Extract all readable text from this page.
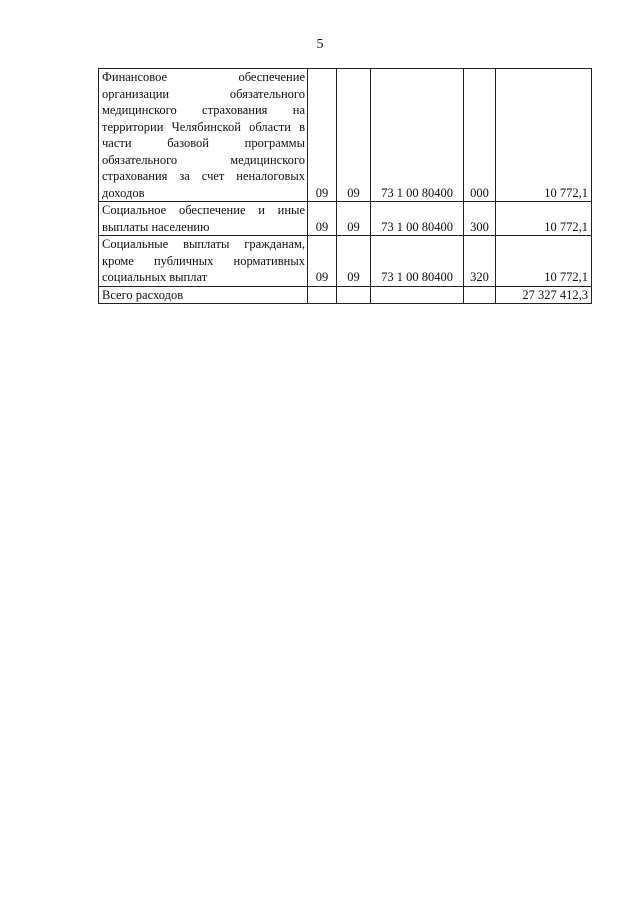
5
Финансовое обеспечение организации обязательного медицинского страхования на территории Челябинской области в части базовой программы обязательного медицинского страхования за счет неналоговых доходов	09	09	73 1 00 80400	000	10 772,1
Социальное обеспечение и иные выплаты населению	09	09	73 1 00 80400	300	10 772,1
Социальные выплаты гражданам, кроме публичных нормативных социальных выплат	09	09	73 1 00 80400	320	10 772,1
Всего расходов					27 327 412,3
